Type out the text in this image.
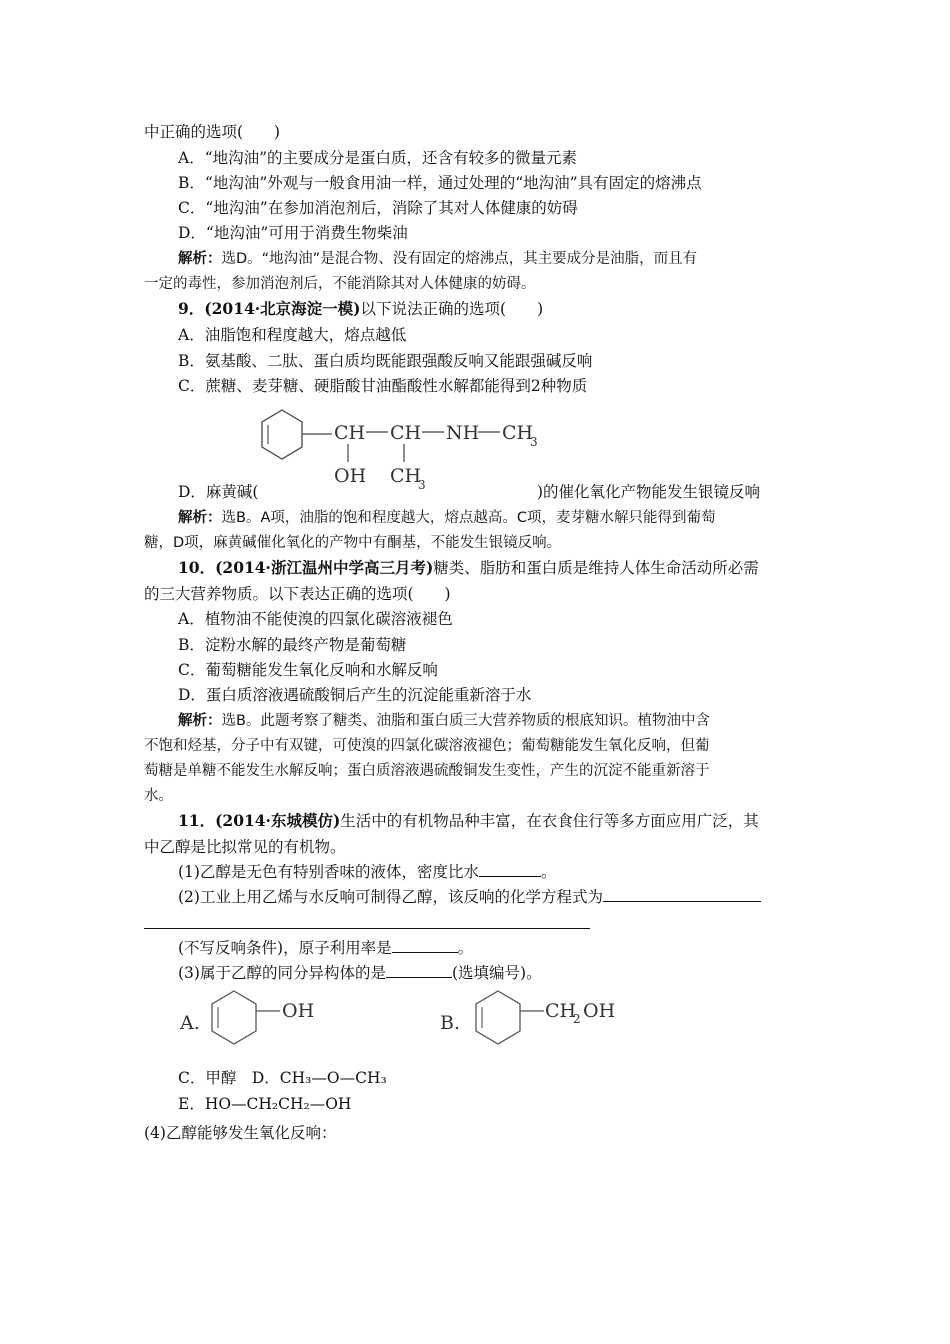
中正确的选项(　　)
A．“地沟油”的主要成分是蛋白质，还含有较多的微量元素
B．“地沟油”外观与一般食用油一样，通过处理的“地沟油”具有固定的熔沸点
C．“地沟油”在参加消泡剂后，消除了其对人体健康的妨碍
D．“地沟油”可用于消费生物柴油
解析：选D。“地沟油”是混合物、没有固定的熔沸点，其主要成分是油脂，而且有
一定的毒性，参加消泡剂后，不能消除其对人体健康的妨碍。
9．(2014·北京海淀一模)以下说法正确的选项(　　)
A．油脂饱和程度越大，熔点越低
B．氨基酸、二肽、蛋白质均既能跟强酸反响又能跟强碱反响
C．蔗糖、麦芽糖、硬脂酸甘油酯酸性水解都能得到2种物质
CH CH NH CH
3
OH CH
3
D．麻黄碱(	)的催化氧化产物能发生银镜反响
解析：选B。A项，油脂的饱和程度越大，熔点越高。C项，麦芽糖水解只能得到葡萄
糖，D项，麻黄碱催化氧化的产物中有酮基，不能发生银镜反响。
10．(2014·浙江温州中学高三月考)糖类、脂肪和蛋白质是维持人体生命活动所必需
的三大营养物质。以下表达正确的选项(　　)
A．植物油不能使溴的四氯化碳溶液褪色
B．淀粉水解的最终产物是葡萄糖
C．葡萄糖能发生氧化反响和水解反响
D．蛋白质溶液遇硫酸铜后产生的沉淀能重新溶于水
解析：选B。此题考察了糖类、油脂和蛋白质三大营养物质的根底知识。植物油中含
不饱和烃基，分子中有双键，可使溴的四氯化碳溶液褪色；葡萄糖能发生氧化反响，但葡
萄糖是单糖不能发生水解反响；蛋白质溶液遇硫酸铜发生变性，产生的沉淀不能重新溶于
水。
11．(2014·东城模仿)生活中的有机物品种丰富，在衣食住行等多方面应用广泛，其
中乙醇是比拟常见的有机物。
(1)乙醇是无色有特别香味的液体，密度比水	。
(2)工业上用乙烯与水反响可制得乙醇，该反响的化学方程式为
(不写反响条件)，原子利用率是	。
(3)属于乙醇的同分异构体的是	(选填编号)。
A.
OH
B.
CH
2 OH
C．甲醇　D．CH₃—O—CH₃
E．HO—CH₂CH₂—OH
(4)乙醇能够发生氧化反响：
